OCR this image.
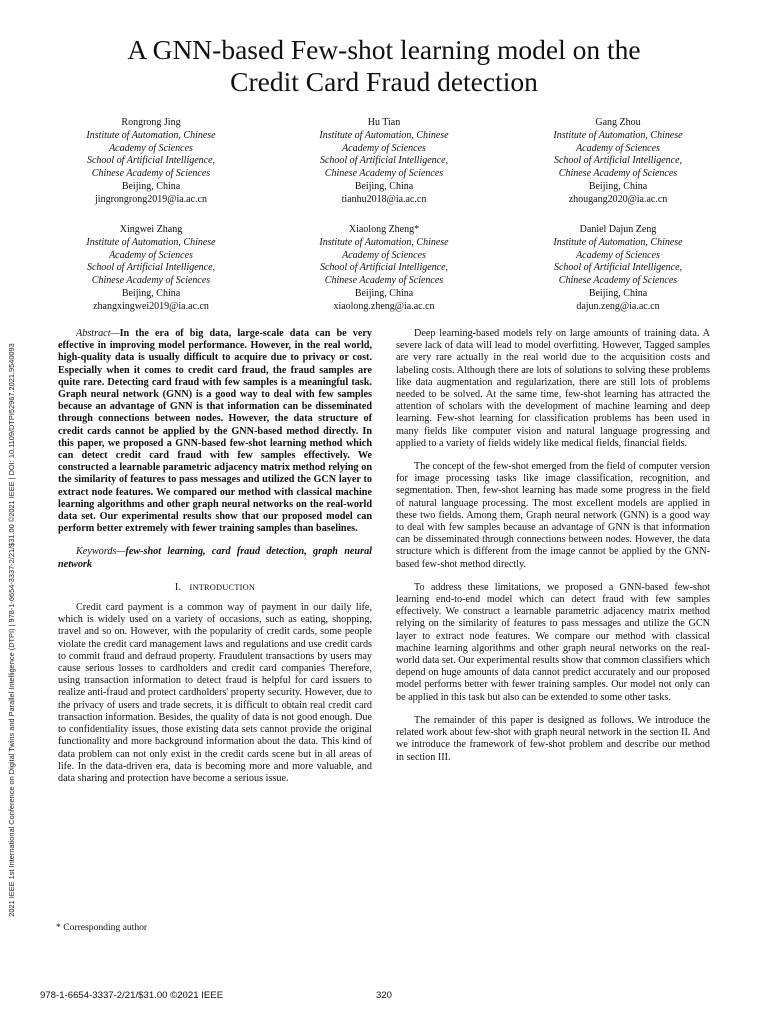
2021 IEEE 1st International Conference on Digital Twins and Parallel Intelligence (DTPI) | 978-1-6654-3337-2/21/$31.00 ©2021 IEEE | DOI: 10.1109/DTPI52967.2021.9540093
A GNN-based Few-shot learning model on the
Credit Card Fraud detection
Rongrong Jing
Institute of Automation, Chinese
Academy of Sciences
School of Artificial Intelligence,
Chinese Academy of Sciences
Beijing, China
jingrongrong2019@ia.ac.cn
Hu Tian
Institute of Automation, Chinese
Academy of Sciences
School of Artificial Intelligence,
Chinese Academy of Sciences
Beijing, China
tianhu2018@ia.ac.cn
Gang Zhou
Institute of Automation, Chinese
Academy of Sciences
School of Artificial Intelligence,
Chinese Academy of Sciences
Beijing, China
zhougang2020@ia.ac.cn
Xingwei Zhang
Institute of Automation, Chinese
Academy of Sciences
School of Artificial Intelligence,
Chinese Academy of Sciences
Beijing, China
zhangxingwei2019@ia.ac.cn
Xiaolong Zheng*
Institute of Automation, Chinese
Academy of Sciences
School of Artificial Intelligence,
Chinese Academy of Sciences
Beijing, China
xiaolong.zheng@ia.ac.cn
Daniel Dajun Zeng
Institute of Automation, Chinese
Academy of Sciences
School of Artificial Intelligence,
Chinese Academy of Sciences
Beijing, China
dajun.zeng@ia.ac.cn

Abstract—In the era of big data, large-scale data can be very effective in improving model performance. However, in the real world, high-quality data is usually difficult to acquire due to privacy or cost. Especially when it comes to credit card fraud, the fraud samples are quite rare. Detecting card fraud with few samples is a meaningful task. Graph neural network (GNN) is a good way to deal with few samples because an advantage of GNN is that information can be disseminated through connections between nodes. However, the data structure of credit cards cannot be applied by the GNN-based method directly. In this paper, we proposed a GNN-based few-shot learning method which can detect credit card fraud with few samples effectively. We constructed a learnable parametric adjacency matrix method relying on the similarity of features to pass messages and utilized the GCN layer to extract node features. We compared our method with classical machine learning algorithms and other graph neural networks on the real-world data set. Our experimental results show that our proposed model can perform better extremely with fewer training samples than baselines.

Keywords—few-shot learning, card fraud detection, graph neural network

I. INTRODUCTION

Credit card payment is a common way of payment in our daily life, which is widely used on a variety of occasions, such as eating, shopping, travel and so on. However, with the popularity of credit cards, some people violate the credit card management laws and regulations and use credit cards to commit fraud and defraud property. Fraudulent transactions by users may cause serious losses to cardholders and credit card companies Therefore, using transaction information to detect fraud is helpful for card issuers to realize anti-fraud and protect cardholders' property security. However, due to the privacy of users and trade secrets, it is difficult to obtain real credit card transaction information. Besides, the quality of data is not good enough. Due to confidentiality issues, those existing data sets cannot provide the original functionality and more background information about the data. This kind of data problem can not only exist in the credit cards scene but in all areas of life. In the data-driven era, data is becoming more and more valuable, and data sharing and protection have become a serious issue.

Deep learning-based models rely on large amounts of training data. A severe lack of data will lead to model overfitting. However, Tagged samples are very rare actually in the real world due to the acquisition costs and labeling costs. Although there are lots of solutions to solving these problems like data augmentation and regularization, there are still lots of problems needed to be solved. At the same time, few-shot learning has attracted the attention of scholars with the development of machine learning and deep learning. Few-shot learning for classification problems has been used in many fields like computer vision and natural language progressing and applied to a variety of fields widely like medical fields, financial fields.

The concept of the few-shot emerged from the field of computer version for image processing tasks like image classification, recognition, and segmentation. Then, few-shot learning has made some progress in the field of natural language processing. The most excellent models are applied in these two fields. Among them, Graph neural network (GNN) is a good way to deal with few samples because an advantage of GNN is that information can be disseminated through connections between nodes. However, the data structure which is different from the image cannot be applied by the GNN-based few-shot method directly.

To address these limitations, we proposed a GNN-based few-shot learning end-to-end model which can detect fraud with few samples effectively. We construct a learnable parametric adjacency matrix method relying on the similarity of features to pass messages and utilize the GCN layer to extract node features. We compare our method with classical machine learning algorithms and other graph neural networks on the real-world data set. Our experimental results show that common classifiers which depend on huge amounts of data cannot predict accurately and our proposed model performs better with fewer training samples. Our model not only can be applied in this task but also can be extended to some other tasks.

The remainder of this paper is designed as follows. We introduce the related work about few-shot with graph neural network in the section II. And we introduce the framework of few-shot problem and describe our method in section III.

* Corresponding author
978-1-6654-3337-2/21/$31.00 ©2021 IEEE	320
